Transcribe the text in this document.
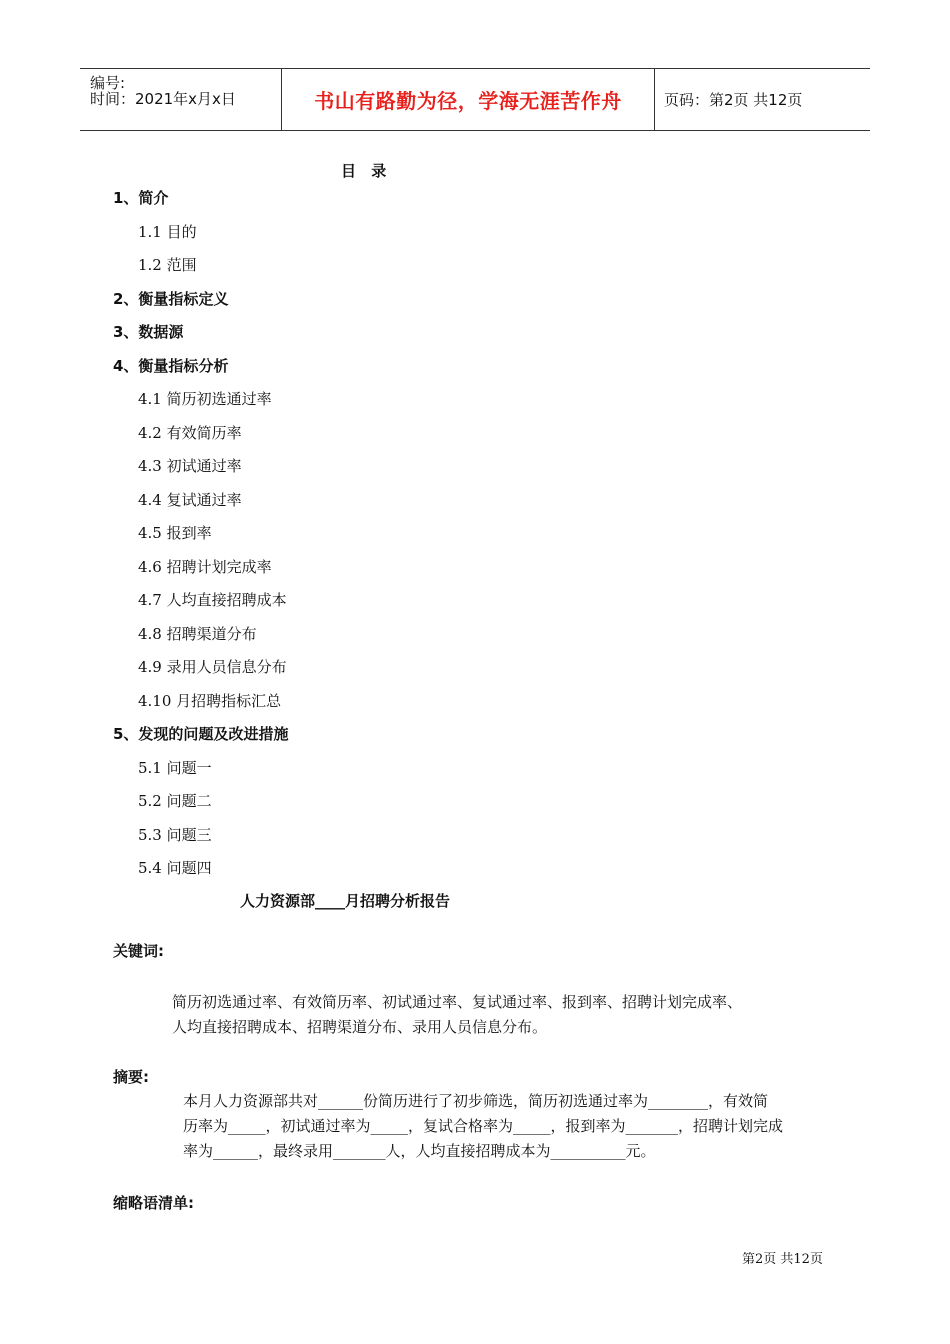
编号:
时间：2021年x月x日	书山有路勤为径，学海无涯苦作舟	页码：第2页 共12页
目 录
1、简介
1.1 目的
1.2 范围
2、衡量指标定义
3、数据源
4、衡量指标分析
4.1 简历初选通过率
4.2 有效简历率
4.3 初试通过率
4.4 复试通过率
4.5 报到率
4.6 招聘计划完成率
4.7 人均直接招聘成本
4.8 招聘渠道分布
4.9 录用人员信息分布
4.10 月招聘指标汇总
5、发现的问题及改进措施
5.1 问题一
5.2 问题二
5.3 问题三
5.4 问题四
人力资源部____月招聘分析报告
关键词:
简历初选通过率、有效简历率、初试通过率、复试通过率、报到率、招聘计划完成率、
人均直接招聘成本、招聘渠道分布、录用人员信息分布。
摘要:
本月人力资源部共对______份简历进行了初步筛选，简历初选通过率为________，有效简
历率为_____，初试通过率为_____，复试合格率为_____，报到率为_______，招聘计划完成
率为______，最终录用_______人，人均直接招聘成本为__________元。
缩略语清单:
第2页 共12页
